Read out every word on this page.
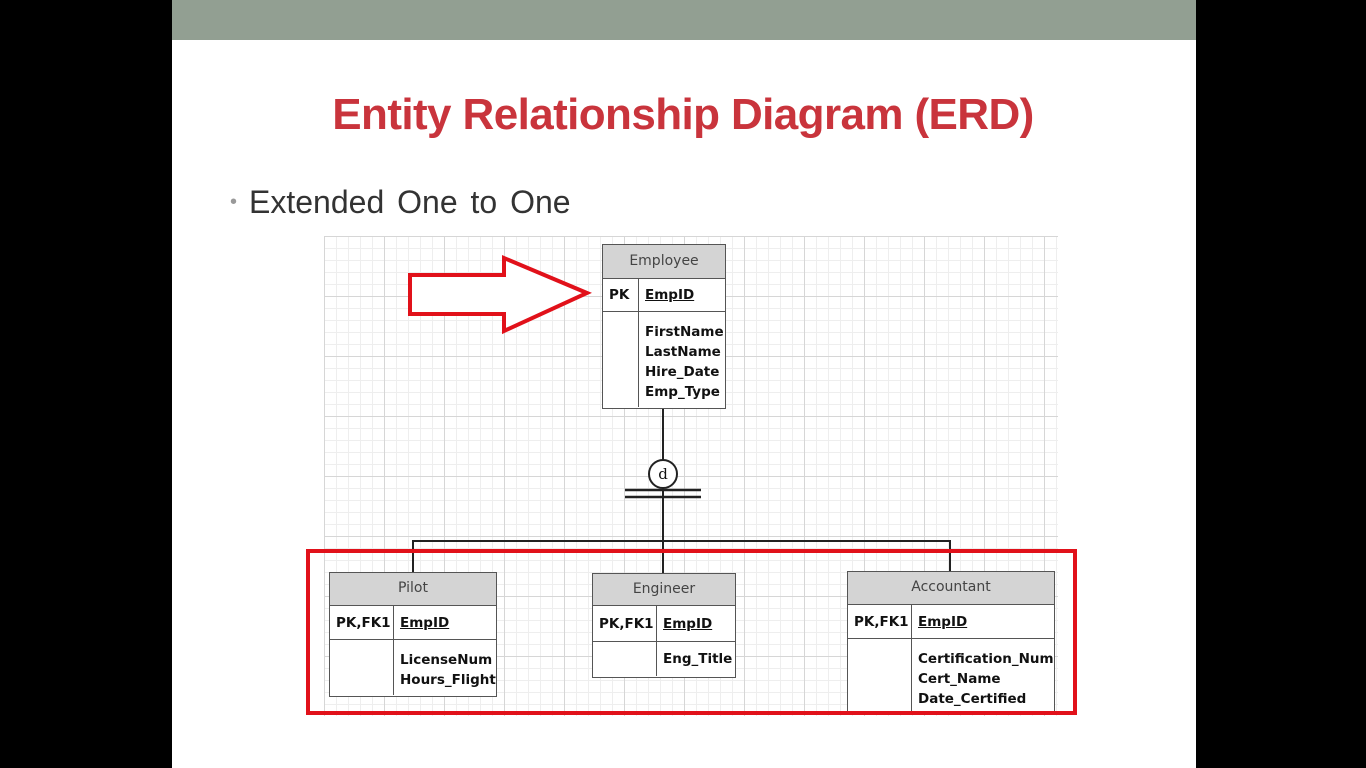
Entity Relationship Diagram (ERD)
• Extended One to One
d
Employee
PK	EmpID
FirstName
LastName
Hire_Date
Emp_Type
Pilot
PK,FK1 EmpID
LicenseNum
Hours_Flight
Engineer
PK,FK1 EmpID
Eng_Title
Accountant
PK,FK1 EmpID
Certification_Num
Cert_Name
Date_Certified
